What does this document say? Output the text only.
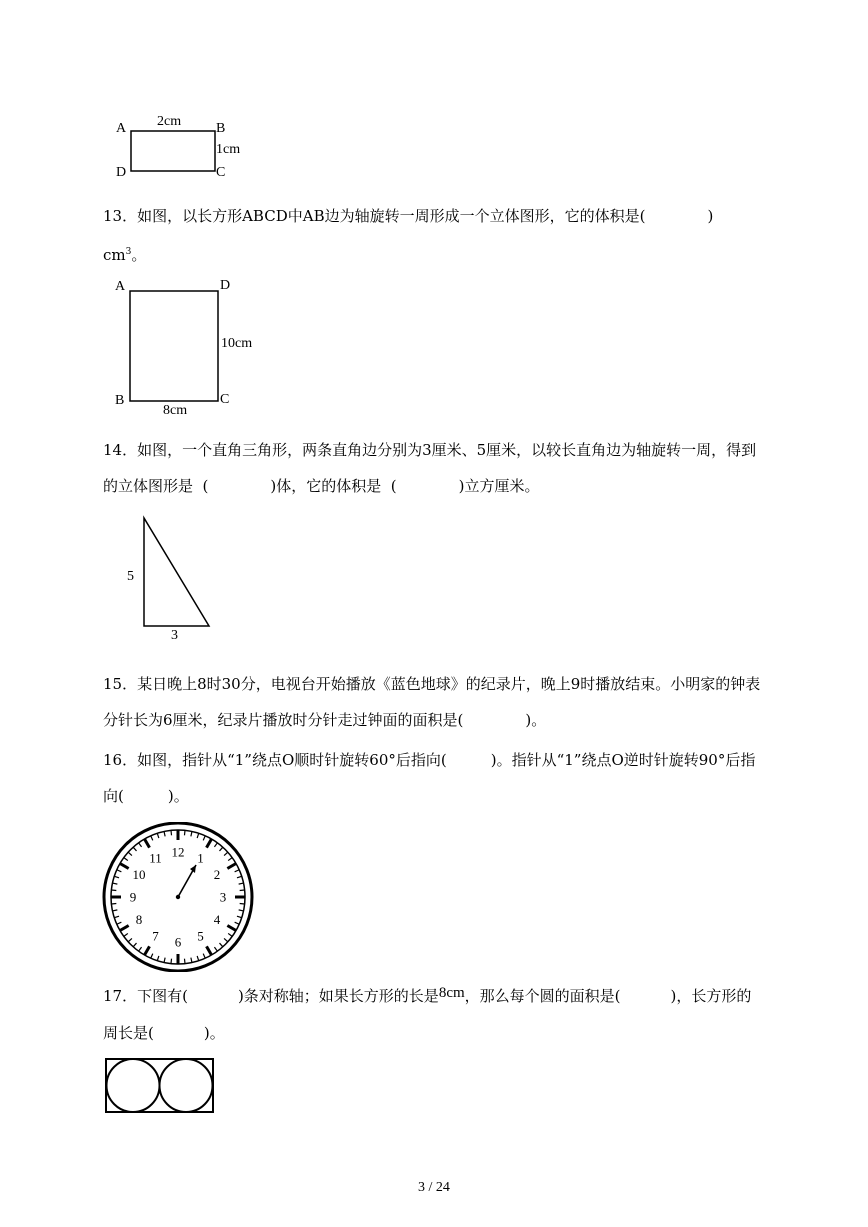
A	B
C
D
2cm
1cm

13．如图，以长方形ABCD中AB边为轴旋转一周形成一个立体图形，它的体积是(	)
$cm^3$。

A	D
B	C
10cm
8cm

14．如图，一个直角三角形，两条直角边分别为3厘米、5厘米，以较长直角边为轴旋转一周，得到的立体图形是  (	)体，它的体积是  (	)立方厘米。

5
3

15．某日晚上8时30分，电视台开始播放《蓝色地球》的纪录片，晚上9时播放结束。小明家的钟表分针长为6厘米，纪录片播放时分针走过钟面的面积是(	)。

16．如图，指针从“1”绕点O顺时针旋转60°后指向(	)。指针从“1”绕点O逆时针旋转90°后指向(	)。

12 1
2
3
4
5
6
7
8
9
10
11

17．下图有(	)条对称轴；如果长方形的长是8cm，那么每个圆的面积是(	)，长方形的周长是(	)。

3 / 24
